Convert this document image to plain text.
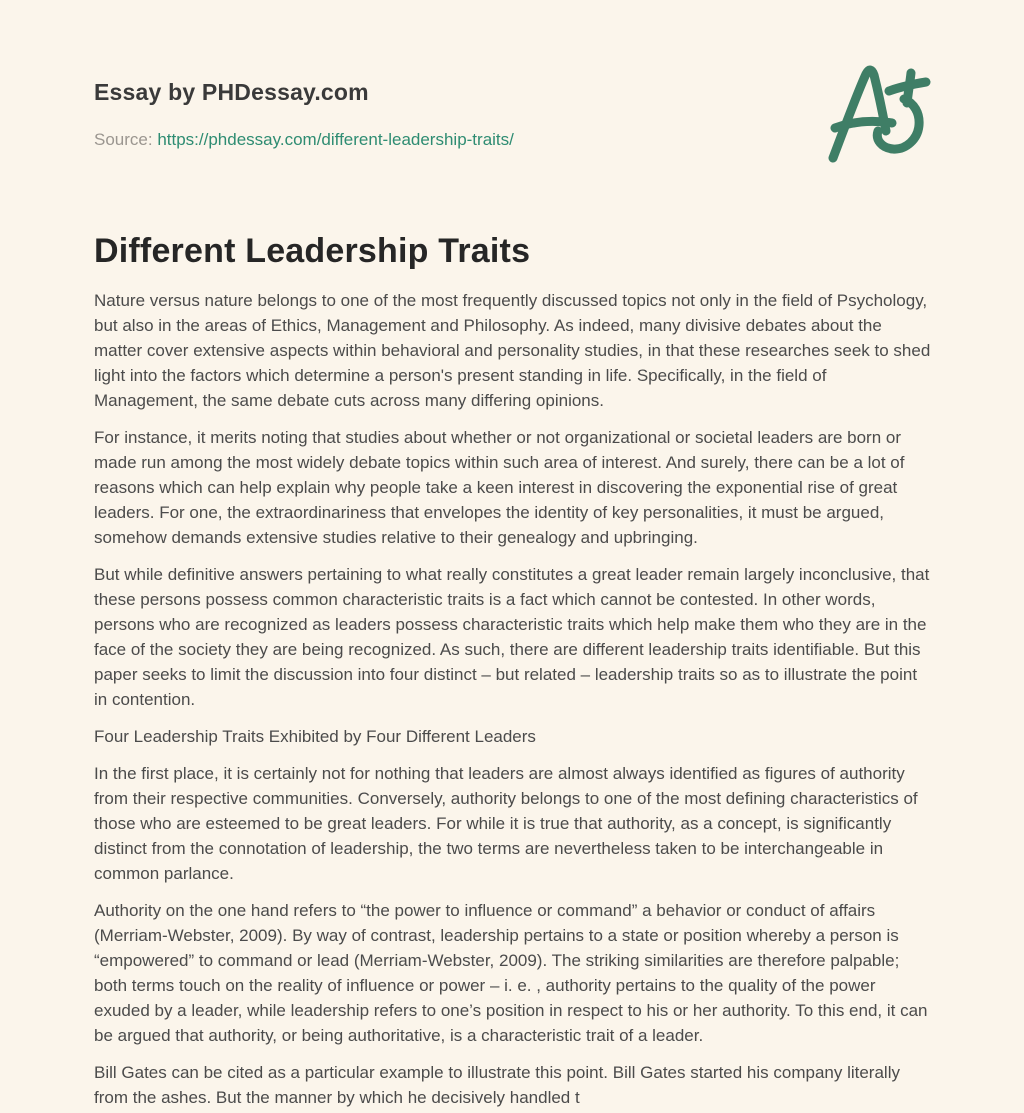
Essay by PHDessay.com
Source: https://phdessay.com/different-leadership-traits/
Different Leadership Traits

Nature versus nature belongs to one of the most frequently discussed topics not only in the field of Psychology, but also in the areas of Ethics, Management and Philosophy. As indeed, many divisive debates about the matter cover extensive aspects within behavioral and personality studies, in that these researches seek to shed light into the factors which determine a person's present standing in life. Specifically, in the field of Management, the same debate cuts across many differing opinions.

For instance, it merits noting that studies about whether or not organizational or societal leaders are born or made run among the most widely debate topics within such area of interest. And surely, there can be a lot of reasons which can help explain why people take a keen interest in discovering the exponential rise of great leaders. For one, the extraordinariness that envelopes the identity of key personalities, it must be argued, somehow demands extensive studies relative to their genealogy and upbringing.

But while definitive answers pertaining to what really constitutes a great leader remain largely inconclusive, that these persons possess common characteristic traits is a fact which cannot be contested. In other words, persons who are recognized as leaders possess characteristic traits which help make them who they are in the face of the society they are being recognized. As such, there are different leadership traits identifiable. But this paper seeks to limit the discussion into four distinct – but related – leadership traits so as to illustrate the point in contention.

Four Leadership Traits Exhibited by Four Different Leaders

In the first place, it is certainly not for nothing that leaders are almost always identified as figures of authority from their respective communities. Conversely, authority belongs to one of the most defining characteristics of those who are esteemed to be great leaders. For while it is true that authority, as a concept, is significantly distinct from the connotation of leadership, the two terms are nevertheless taken to be interchangeable in common parlance.

Authority on the one hand refers to “the power to influence or command” a behavior or conduct of affairs (Merriam-Webster, 2009). By way of contrast, leadership pertains to a state or position whereby a person is “empowered” to command or lead (Merriam-Webster, 2009). The striking similarities are therefore palpable; both terms touch on the reality of influence or power – i. e. , authority pertains to the quality of the power exuded by a leader, while leadership refers to one’s position in respect to his or her authority. To this end, it can be argued that authority, or being authoritative, is a characteristic trait of a leader.

Bill Gates can be cited as a particular example to illustrate this point. Bill Gates started his company literally from the ashes. But the manner by which he decisively handled t
